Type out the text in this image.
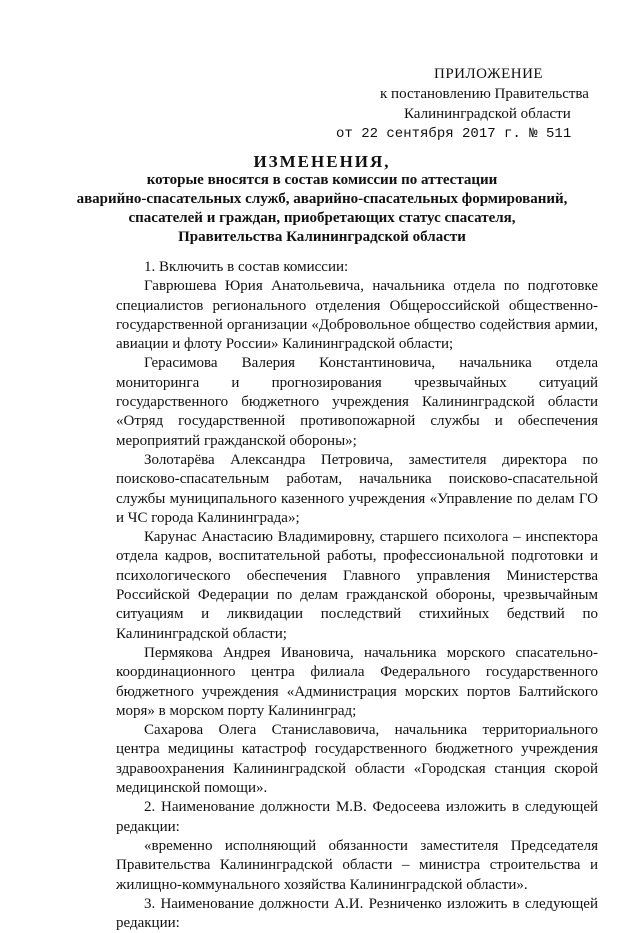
ПРИЛОЖЕНИЕ
к постановлению Правительства
Калининградской области
от 22 сентября 2017 г. № 511
ИЗМЕНЕНИЯ,
которые вносятся в состав комиссии по аттестации
аварийно-спасательных служб, аварийно-спасательных формирований,
спасателей и граждан, приобретающих статус спасателя,
Правительства Калининградской области

1. Включить в состав комиссии:

Гаврюшева Юрия Анатольевича, начальника отдела по подготовке специалистов регионального отделения Общероссийской общественно-государственной организации «Добровольное общество содействия армии, авиации и флоту России» Калининградской области;

Герасимова Валерия Константиновича, начальника отдела мониторинга и прогнозирования чрезвычайных ситуаций государственного бюджетного учреждения Калининградской области «Отряд государственной противопожарной службы и обеспечения мероприятий гражданской обороны»;

Золотарёва Александра Петровича, заместителя директора по поисково-спасательным работам, начальника поисково-спасательной службы муниципального казенного учреждения «Управление по делам ГО и ЧС города Калининграда»;

Карунас Анастасию Владимировну, старшего психолога – инспектора отдела кадров, воспитательной работы, профессиональной подготовки и психологического обеспечения Главного управления Министерства Российской Федерации по делам гражданской обороны, чрезвычайным ситуациям и ликвидации последствий стихийных бедствий по Калининградской области;

Пермякова Андрея Ивановича, начальника морского спасательно-координационного центра филиала Федерального государственного бюджетного учреждения «Администрация морских портов Балтийского моря» в морском порту Калининград;

Сахарова Олега Станиславовича, начальника территориального центра медицины катастроф государственного бюджетного учреждения здравоохранения Калининградской области «Городская станция скорой медицинской помощи».

2. Наименование должности М.В. Федосеева изложить в следующей редакции:

«временно исполняющий обязанности заместителя Председателя Правительства Калининградской области – министра строительства и жилищно-коммунального хозяйства Калининградской области».

3. Наименование должности А.И. Резниченко изложить в следующей редакции:
